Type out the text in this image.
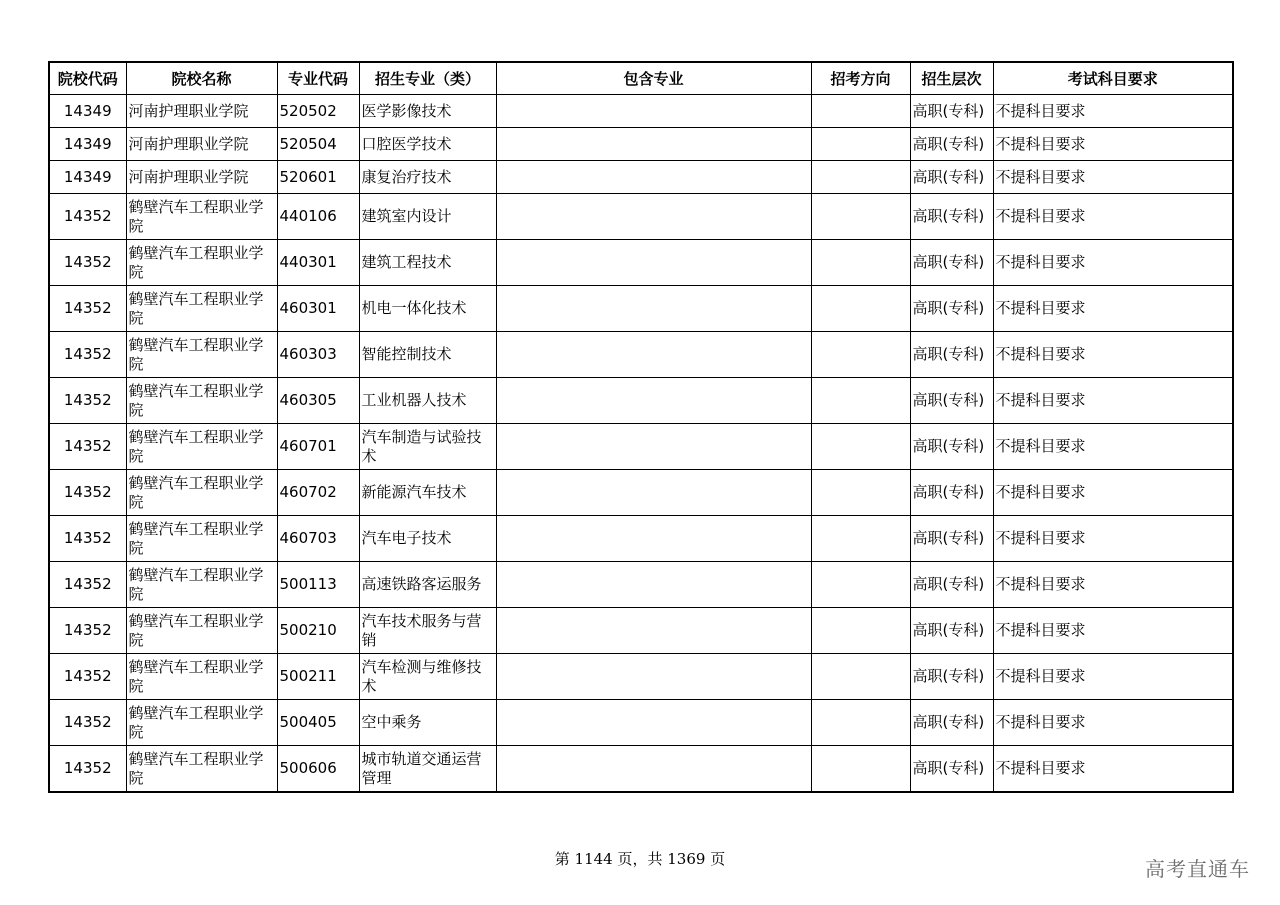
院校代码	院校名称	专业代码	招生专业（类）	包含专业	招考方向	招生层次	考试科目要求
14349	河南护理职业学院	520502	医学影像技术			高职(专科)	不提科目要求
14349	河南护理职业学院	520504	口腔医学技术			高职(专科)	不提科目要求
14349	河南护理职业学院	520601	康复治疗技术			高职(专科)	不提科目要求
14352	鹤壁汽车工程职业学院	440106	建筑室内设计			高职(专科)	不提科目要求
14352	鹤壁汽车工程职业学院	440301	建筑工程技术			高职(专科)	不提科目要求
14352	鹤壁汽车工程职业学院	460301	机电一体化技术			高职(专科)	不提科目要求
14352	鹤壁汽车工程职业学院	460303	智能控制技术			高职(专科)	不提科目要求
14352	鹤壁汽车工程职业学院	460305	工业机器人技术			高职(专科)	不提科目要求
14352	鹤壁汽车工程职业学院	460701	汽车制造与试验技术			高职(专科)	不提科目要求
14352	鹤壁汽车工程职业学院	460702	新能源汽车技术			高职(专科)	不提科目要求
14352	鹤壁汽车工程职业学院	460703	汽车电子技术			高职(专科)	不提科目要求
14352	鹤壁汽车工程职业学院	500113	高速铁路客运服务			高职(专科)	不提科目要求
14352	鹤壁汽车工程职业学院	500210	汽车技术服务与营销			高职(专科)	不提科目要求
14352	鹤壁汽车工程职业学院	500211	汽车检测与维修技术			高职(专科)	不提科目要求
14352	鹤壁汽车工程职业学院	500405	空中乘务			高职(专科)	不提科目要求
14352	鹤壁汽车工程职业学院	500606	城市轨道交通运营管理			高职(专科)	不提科目要求
第 1144 页，共 1369 页	高考直通车
